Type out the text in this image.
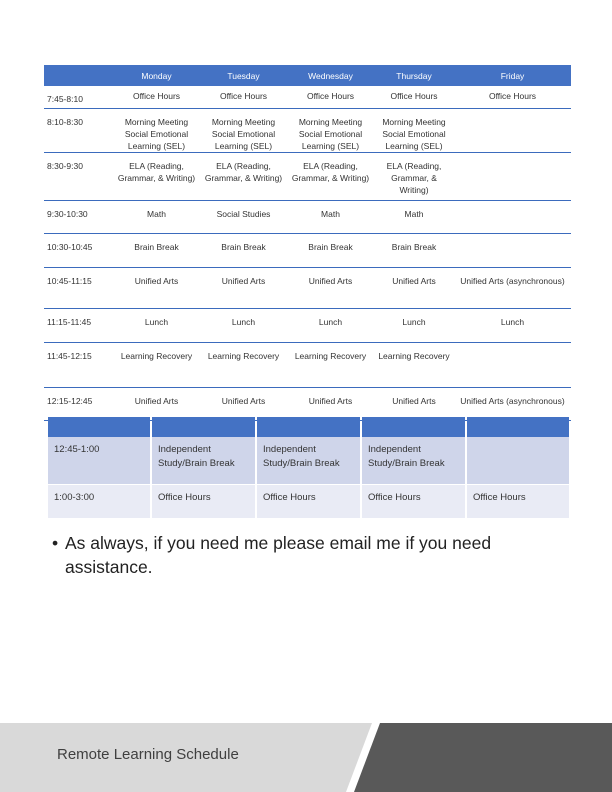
	Monday	Tuesday	Wednesday	Thursday	Friday
7:45-8:10	Office Hours	Office Hours	Office Hours	Office Hours	Office Hours
8:10-8:30	Morning Meeting Social Emotional Learning (SEL)	Morning Meeting Social Emotional Learning (SEL)	Morning Meeting Social Emotional Learning (SEL)	Morning Meeting Social Emotional Learning (SEL)	
8:30-9:30	ELA (Reading, Grammar, & Writing)	ELA (Reading, Grammar, & Writing)	ELA (Reading, Grammar, & Writing)	ELA (Reading, Grammar, & Writing)	
9:30-10:30	Math	Social Studies	Math	Math	
10:30-10:45	Brain Break	Brain Break	Brain Break	Brain Break	
10:45-11:15	Unified Arts	Unified Arts	Unified Arts	Unified Arts	Unified Arts (asynchronous)
11:15-11:45	Lunch	Lunch	Lunch	Lunch	Lunch
11:45-12:15	Learning Recovery	Learning Recovery	Learning Recovery	Learning Recovery	
12:15-12:45	Unified Arts	Unified Arts	Unified Arts	Unified Arts	Unified Arts (asynchronous)

12:45-1:00	Independent Study/Brain Break	Independent Study/Brain Break	Independent Study/Brain Break	
1:00-3:00	Office Hours	Office Hours	Office Hours	Office Hours
• As always, if you need me please email me if you need assistance.
Remote Learning Schedule
